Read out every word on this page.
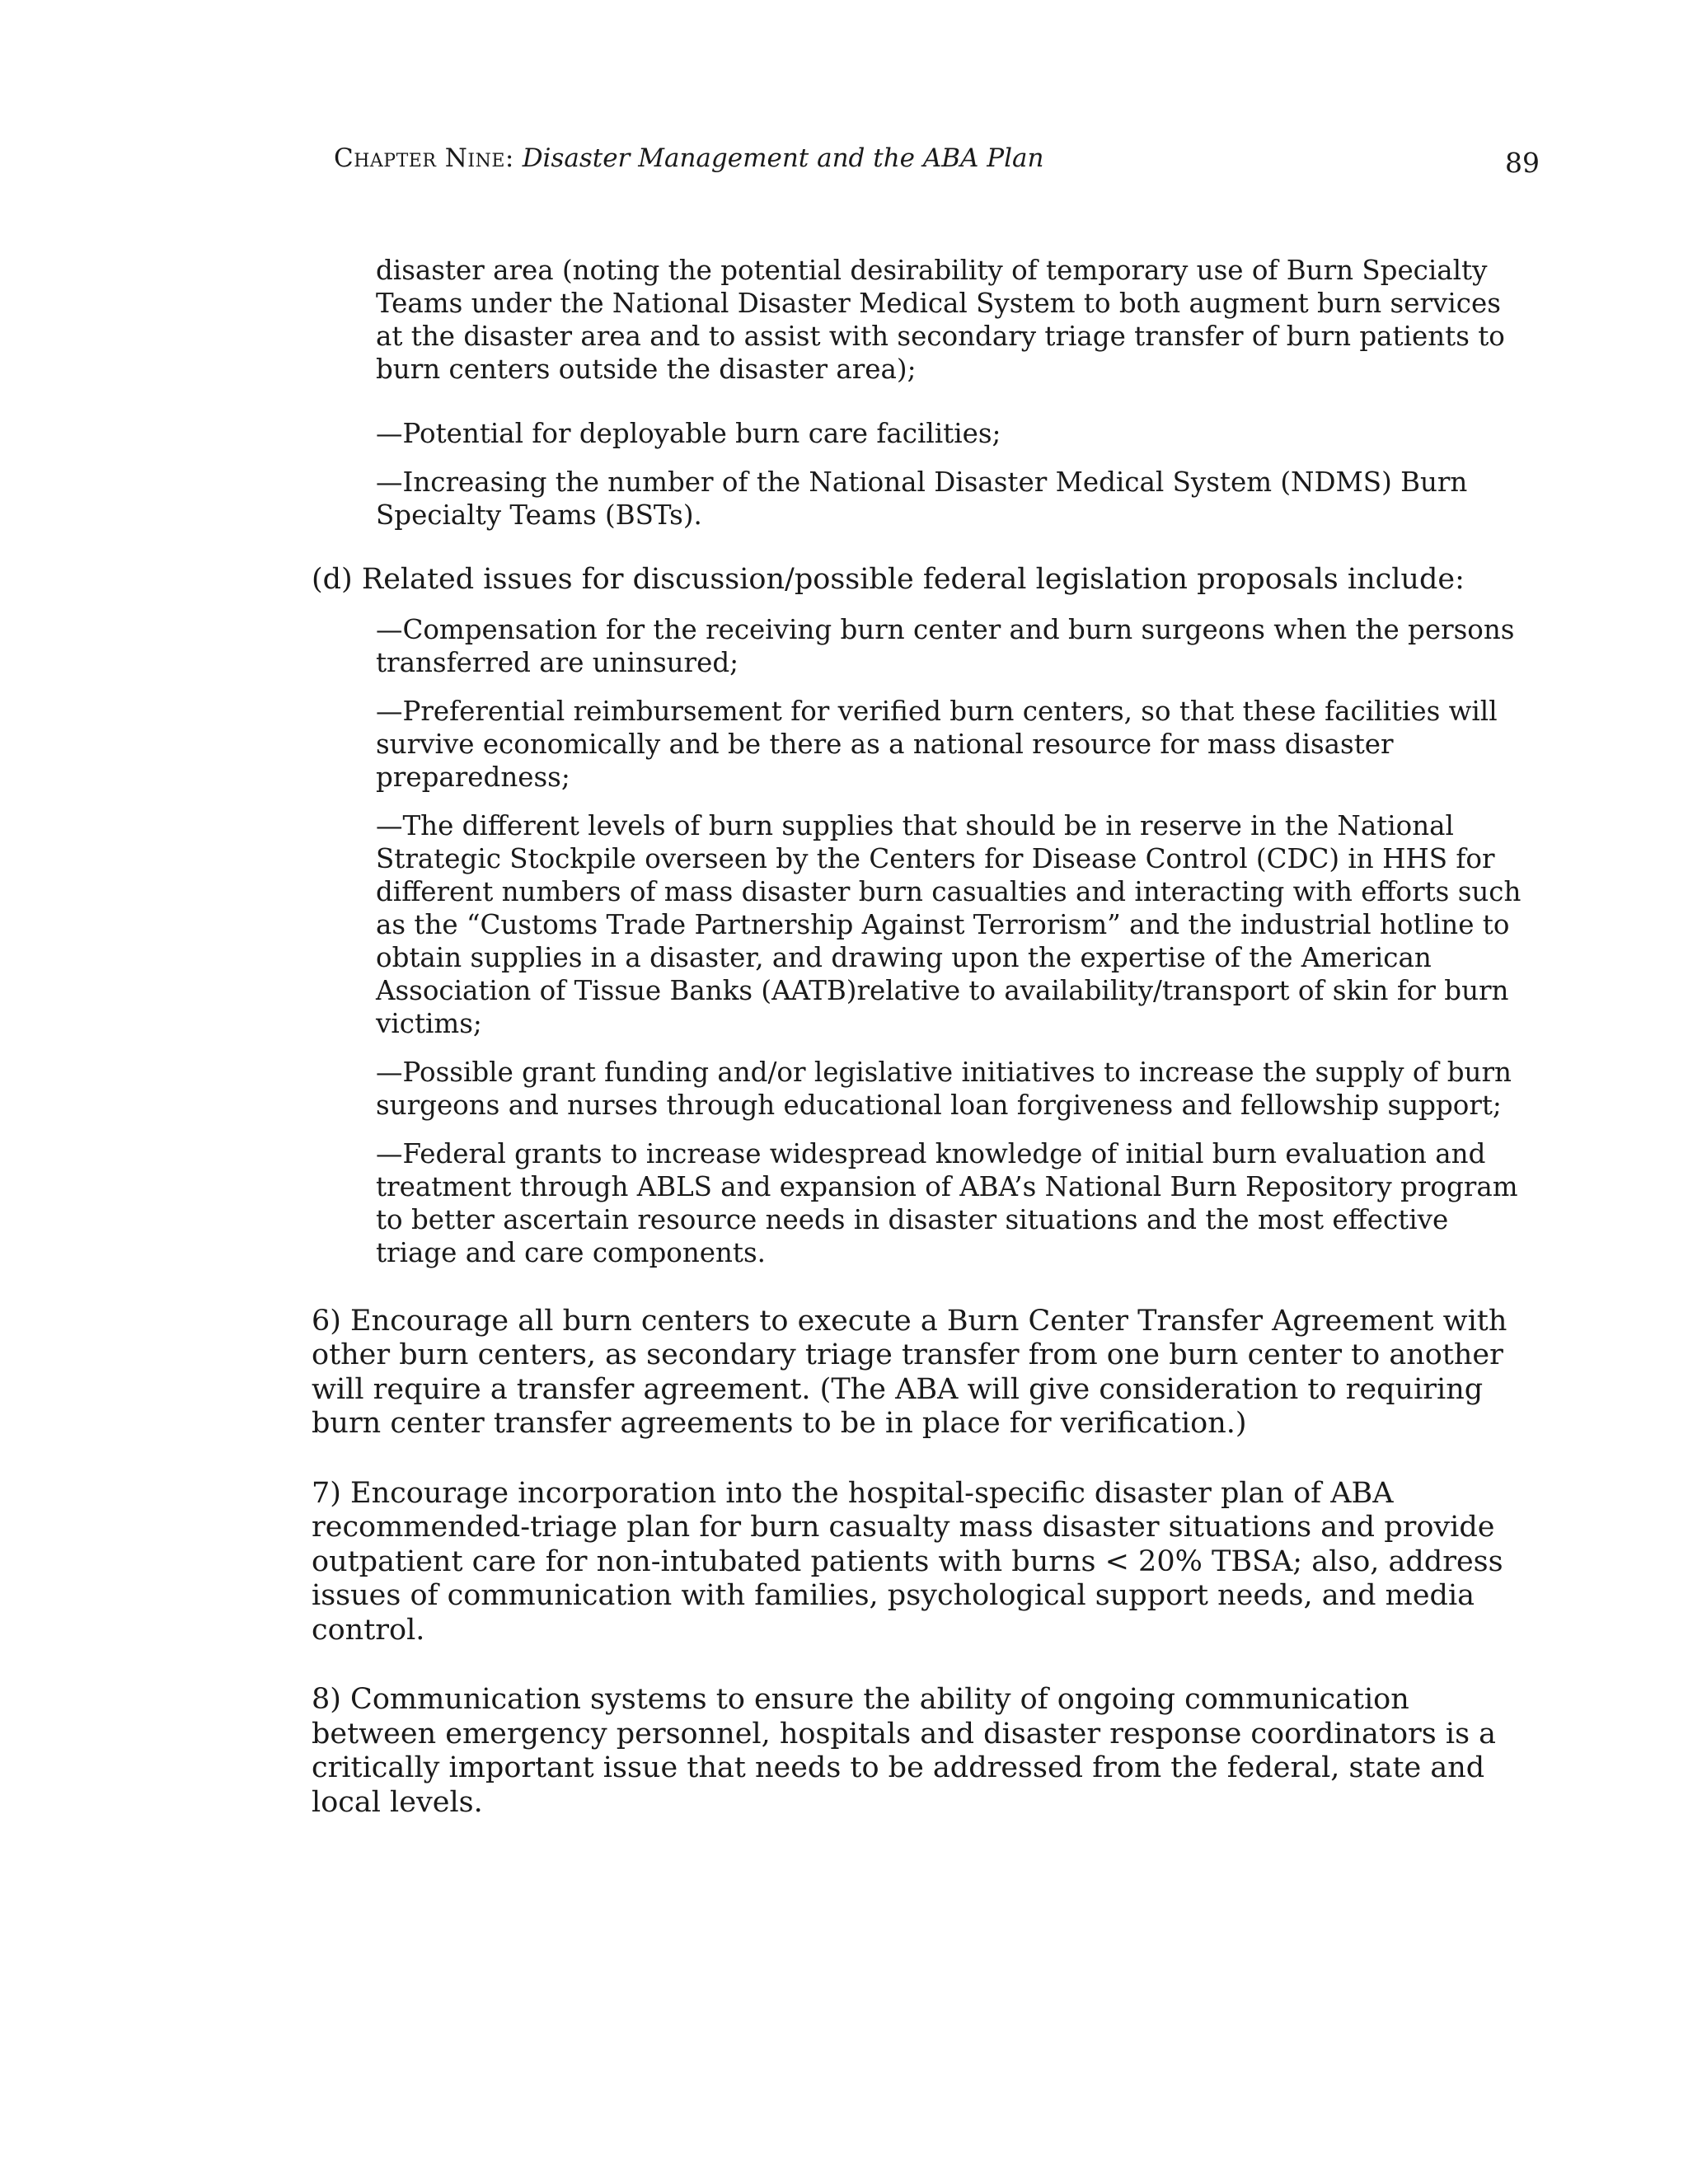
Chapter Nine: Disaster Management and the ABA Plan	89

disaster area (noting the potential desirability of temporary use of Burn Specialty Teams under the National Disaster Medical System to both augment burn services at the disaster area and to assist with secondary triage transfer of burn patients to burn centers outside the disaster area);

—Potential for deployable burn care facilities;

—Increasing the number of the National Disaster Medical System (NDMS) Burn Specialty Teams (BSTs).

(d) Related issues for discussion/possible federal legislation proposals include:

—Compensation for the receiving burn center and burn surgeons when the persons transferred are uninsured;

—Preferential reimbursement for verified burn centers, so that these facilities will survive economically and be there as a national resource for mass disaster preparedness;

—The different levels of burn supplies that should be in reserve in the National Strategic Stockpile overseen by the Centers for Disease Control (CDC) in HHS for different numbers of mass disaster burn casualties and interacting with efforts such as the “Customs Trade Partnership Against Terrorism” and the industrial hotline to obtain supplies in a disaster, and drawing upon the expertise of the American Association of Tissue Banks (AATB)relative to availability/transport of skin for burn victims;

—Possible grant funding and/or legislative initiatives to increase the supply of burn surgeons and nurses through educational loan forgiveness and fellowship support;

—Federal grants to increase widespread knowledge of initial burn evaluation and treatment through ABLS and expansion of ABA’s National Burn Repository program to better ascertain resource needs in disaster situations and the most effective triage and care components.

6) Encourage all burn centers to execute a Burn Center Transfer Agreement with other burn centers, as secondary triage transfer from one burn center to another will require a transfer agreement. (The ABA will give consideration to requiring burn center transfer agreements to be in place for verification.)

7) Encourage incorporation into the hospital-specific disaster plan of ABA recommended-triage plan for burn casualty mass disaster situations and provide outpatient care for non-intubated patients with burns < 20% TBSA; also, address issues of communication with families, psychological support needs, and media control.

8) Communication systems to ensure the ability of ongoing communication between emergency personnel, hospitals and disaster response coordinators is a critically important issue that needs to be addressed from the federal, state and local levels.
